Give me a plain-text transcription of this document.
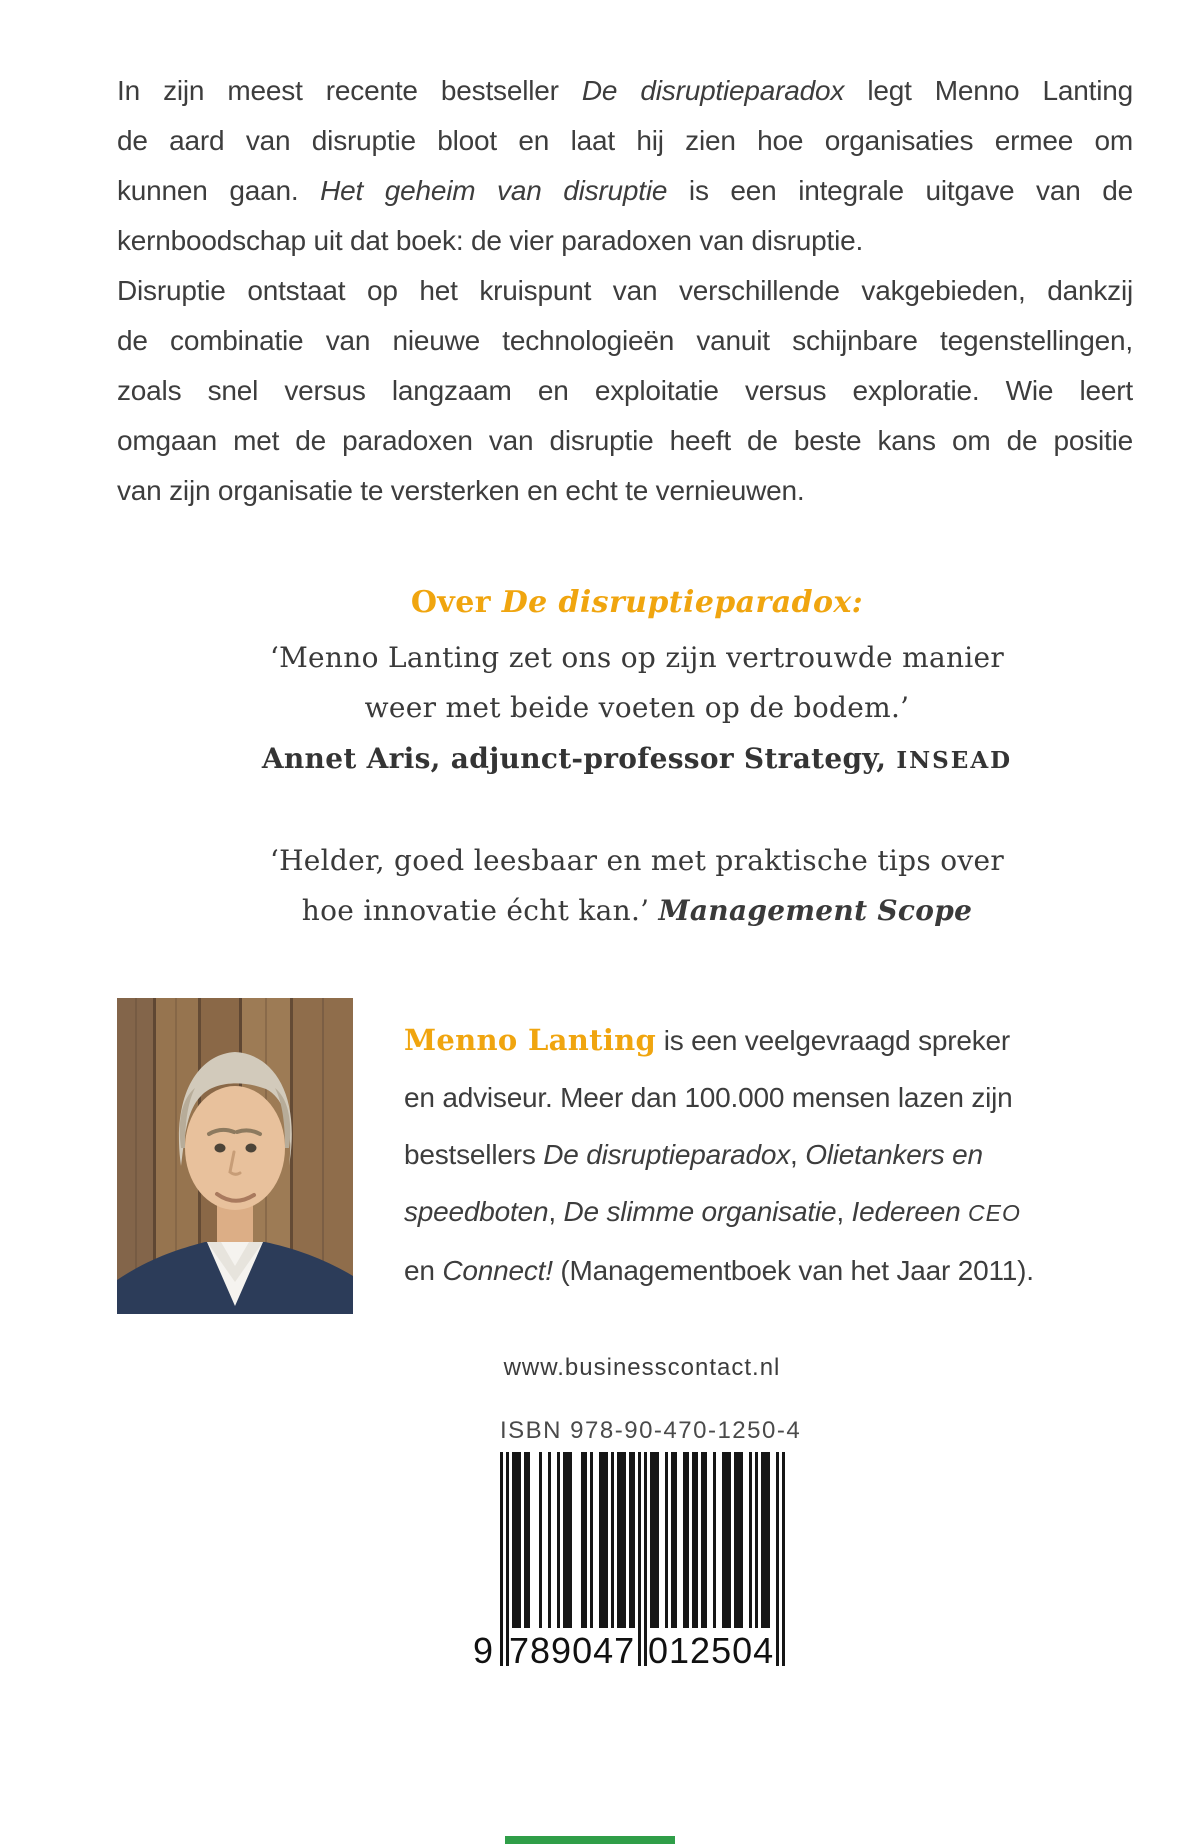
In zijn meest recente bestseller De disruptieparadox legt Menno Lanting
de aard van disruptie bloot en laat hij zien hoe organisaties ermee om
kunnen gaan. Het geheim van disruptie is een integrale uitgave van de
kernboodschap uit dat boek: de vier paradoxen van disruptie.
Disruptie ontstaat op het kruispunt van verschillende vakgebieden, dankzij
de combinatie van nieuwe technologieën vanuit schijnbare tegenstellingen,
zoals snel versus langzaam en exploitatie versus exploratie. Wie leert
omgaan met de paradoxen van disruptie heeft de beste kans om de positie
van zijn organisatie te versterken en echt te vernieuwen.
Over De disruptieparadox:
‘Menno Lanting zet ons op zijn vertrouwde manier
weer met beide voeten op de bodem.’
Annet Aris, adjunct-professor Strategy, INSEAD
‘Helder, goed leesbaar en met praktische tips over
hoe innovatie écht kan.’ Management Scope
Menno Lanting is een veelgevraagd spreker
en adviseur. Meer dan 100.000 mensen lazen zijn
bestsellers De disruptieparadox, Olietankers en
speedboten, De slimme organisatie, Iedereen CEO
en Connect! (Managementboek van het Jaar 2011).
www.businesscontact.nl
ISBN 978-90-470-1250-4
9 789047 012504
